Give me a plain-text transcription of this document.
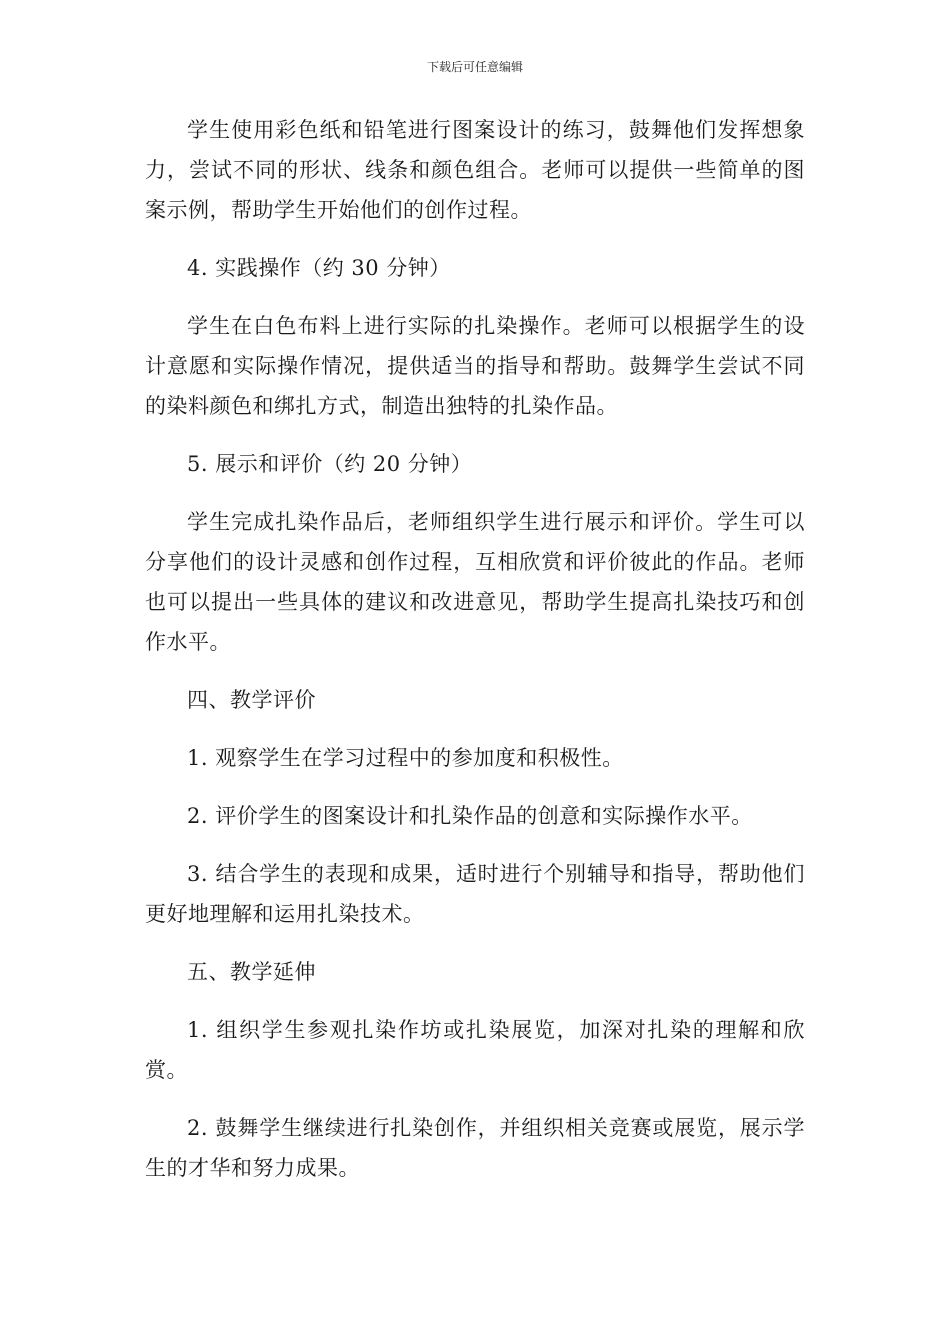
下载后可任意编辑

学生使用彩色纸和铅笔进行图案设计的练习，鼓舞他们发挥想象力，尝试不同的形状、线条和颜色组合。老师可以提供一些简单的图案示例，帮助学生开始他们的创作过程。

4. 实践操作（约 30 分钟）

学生在白色布料上进行实际的扎染操作。老师可以根据学生的设计意愿和实际操作情况，提供适当的指导和帮助。鼓舞学生尝试不同的染料颜色和绑扎方式，制造出独特的扎染作品。

5. 展示和评价（约 20 分钟）

学生完成扎染作品后，老师组织学生进行展示和评价。学生可以分享他们的设计灵感和创作过程，互相欣赏和评价彼此的作品。老师也可以提出一些具体的建议和改进意见，帮助学生提高扎染技巧和创作水平。

四、教学评价

1. 观察学生在学习过程中的参加度和积极性。

2. 评价学生的图案设计和扎染作品的创意和实际操作水平。

3. 结合学生的表现和成果，适时进行个别辅导和指导，帮助他们更好地理解和运用扎染技术。

五、教学延伸

1. 组织学生参观扎染作坊或扎染展览，加深对扎染的理解和欣赏。

2. 鼓舞学生继续进行扎染创作，并组织相关竞赛或展览，展示学生的才华和努力成果。
